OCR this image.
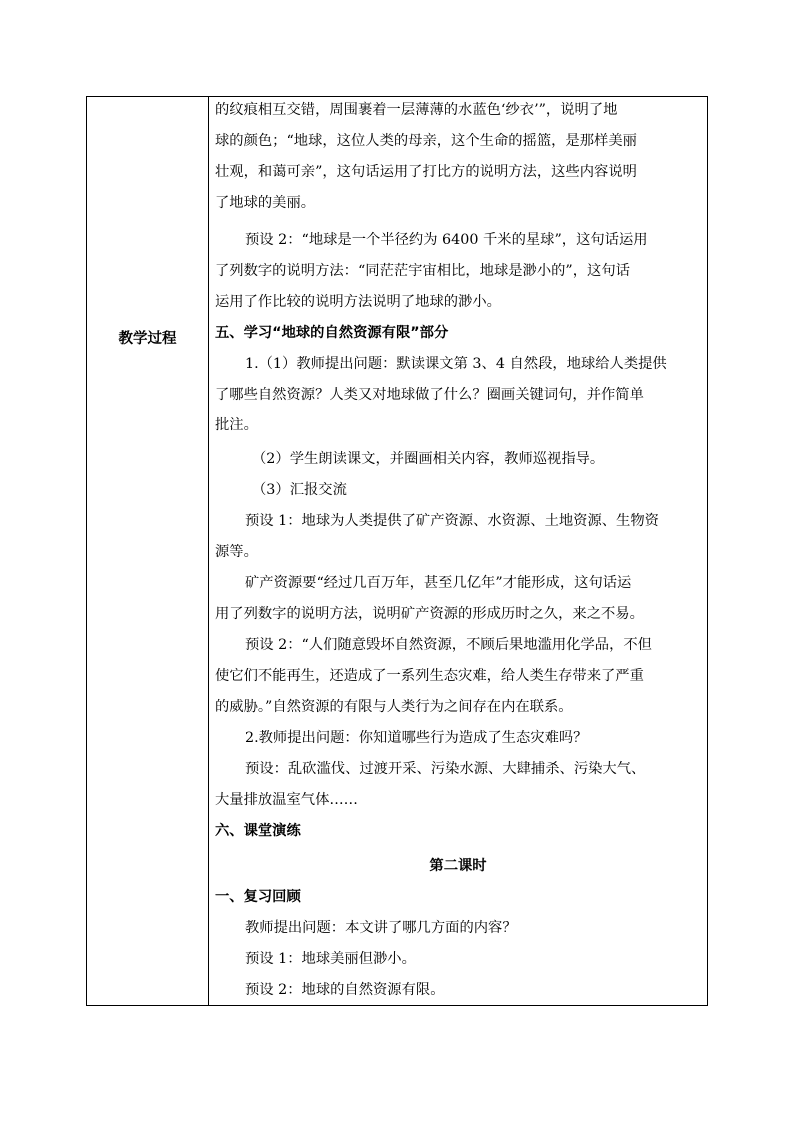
教学过程
的纹痕相互交错，周围裹着一层薄薄的水蓝色‘纱衣’”，说明了地
球的颜色；“地球，这位人类的母亲，这个生命的摇篮，是那样美丽
壮观，和蔼可亲”，这句话运用了打比方的说明方法，这些内容说明
了地球的美丽。
预设 2：“地球是一个半径约为 6400 千米的星球”，这句话运用
了列数字的说明方法：“同茫茫宇宙相比，地球是渺小的”，这句话
运用了作比较的说明方法说明了地球的渺小。
五、学习“地球的自然资源有限”部分
1.（1）教师提出问题：默读课文第 3、4 自然段，地球给人类提供
了哪些自然资源？人类又对地球做了什么？圈画关键词句，并作简单
批注。
（2）学生朗读课文，并圈画相关内容，教师巡视指导。
（3）汇报交流
预设 1：地球为人类提供了矿产资源、水资源、土地资源、生物资
源等。
矿产资源要“经过几百万年，甚至几亿年”才能形成，这句话运
用了列数字的说明方法，说明矿产资源的形成历时之久，来之不易。
预设 2：“人们随意毁坏自然资源，不顾后果地滥用化学品，不但
使它们不能再生，还造成了一系列生态灾难，给人类生存带来了严重
的威胁。”自然资源的有限与人类行为之间存在内在联系。
2.教师提出问题：你知道哪些行为造成了生态灾难吗？
预设：乱砍滥伐、过渡开采、污染水源、大肆捕杀、污染大气、
大量排放温室气体……
六、课堂演练
第二课时
一、复习回顾
教师提出问题：本文讲了哪几方面的内容？
预设 1：地球美丽但渺小。
预设 2：地球的自然资源有限。
